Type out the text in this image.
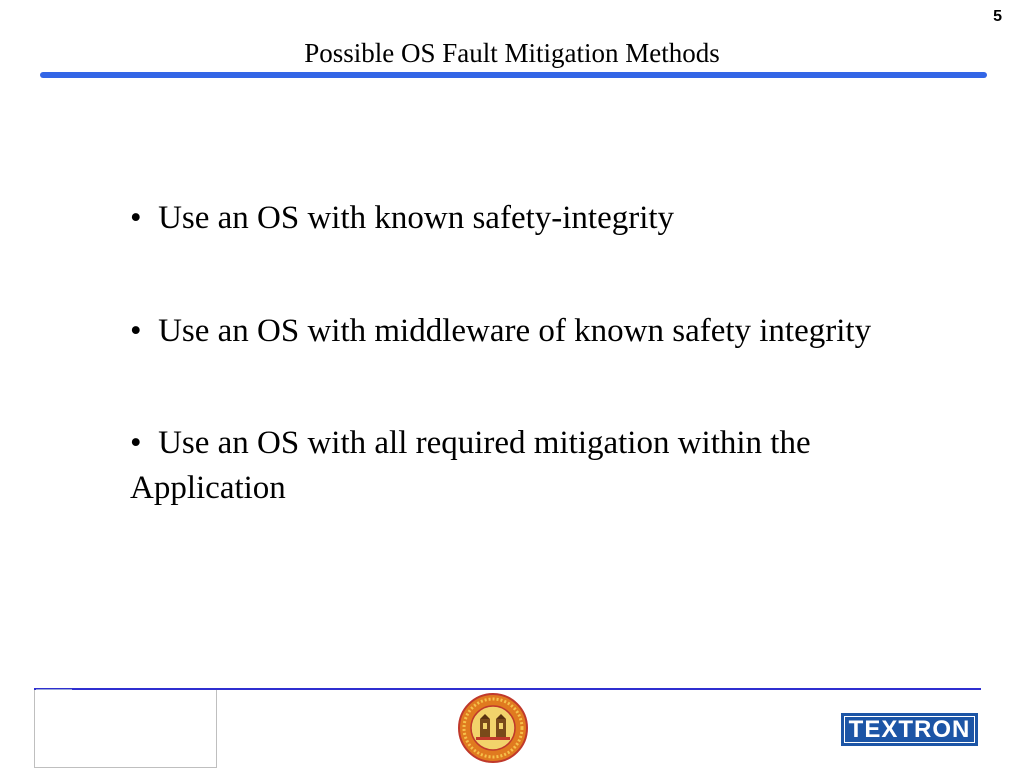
5
Possible OS Fault Mitigation Methods
•  Use an OS with known safety-integrity
•  Use an OS with middleware of known safety integrity
•  Use an OS with all required mitigation within the Application
TEXTRON
